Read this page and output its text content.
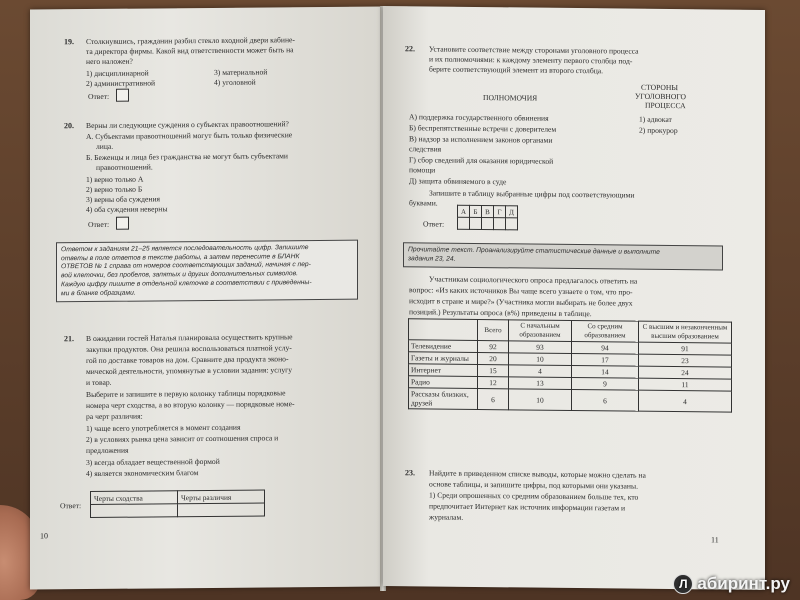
19. Столкнувшись, гражданин разбил стекло входной двери кабине-
та директора фирмы. Какой вид ответственности может быть на
него наложен?
1) дисциплинарной
2) административной
3) материальной
4) уголовной
Ответ:
20. Верны ли следующие суждения о субъектах правоотношений?
А. Субъектами правоотношений могут быть только физические
лица.
Б. Беженцы и лица без гражданства не могут быть субъектами
правоотношений.
1) верно только А
2) верно только Б
3) верны оба суждения
4) оба суждения неверны
Ответ:
Ответом к заданиям 21–25 является последовательность цифр. Запишите
ответы в поле ответов в тексте работы, а затем перенесите в БЛАНК
ОТВЕТОВ № 1 справа от номеров соответствующих заданий, начиная с пер-
вой клеточки, без пробелов, запятых и других дополнительных символов.
Каждую цифру пишите в отдельной клеточке в соответствии с приведенны-
ми в бланке образцами.
21. В ожидании гостей Наталья планировала осуществить крупные
закупки продуктов. Она решила воспользоваться платной услу-
гой по доставке товаров на дом. Сравните два продукта эконо-
мической деятельности, упомянутые в условии задания: услугу
и товар.
Выберите и запишите в первую колонку таблицы порядковые
номера черт сходства, а во вторую колонку — порядковые номе-
ра черт различия:
1) чаще всего употребляется в момент создания
2) в условиях рынка цена зависит от соотношения спроса и
предложения
3) всегда обладает вещественной формой
4) является экономическим благом
Ответ:
Черты сходства	Черты различия

10
22. Установите соответствие между сторонами уголовного процесса
и их полномочиями: к каждому элементу первого столбца под-
берите соответствующий элемент из второго столбца.
ПОЛНОМОЧИЯ
СТОРОНЫ
УГОЛОВНОГО
ПРОЦЕССА
А) поддержка государственного обвинения
Б) беспрепятственные встречи с доверителем
В) надзор за исполнением законов органами
следствия
Г) сбор сведений для оказания юридической
помощи
Д) защита обвиняемого в суде
1) адвокат
2) прокурор
Запишите в таблицу выбранные цифры под соответствующими
буквами.
Ответ:
А	Б	В	Г	Д

Прочитайте текст. Проанализируйте статистические данные и выполните
задания 23, 24.
Участникам социологического опроса предлагалось ответить на
вопрос: «Из каких источников Вы чаще всего узнаете о том, что про-
исходит в стране и мире?» (Участника могли выбирать не более двух
позиций.) Результаты опроса (в%) приведены в таблице.
	Всего	С начальным образованием	Со средним образованием	С высшим и незаконченным высшим образованием
Телевидение	92	93	94	91
Газеты и журналы	20	10	17	23
Интернет	15	4	14	24
Радио	12	13	9	11
Рассказы близких, друзей	6	10	6	4
23. Найдите в приведенном списке выводы, которые можно сделать на
основе таблицы, и запишите цифры, под которыми они указаны.
1) Среди опрошенных со средним образованием больше тех, кто
предпочитает Интернет как источник информации газетам и
журналам.
11
Л абиринт.ру
